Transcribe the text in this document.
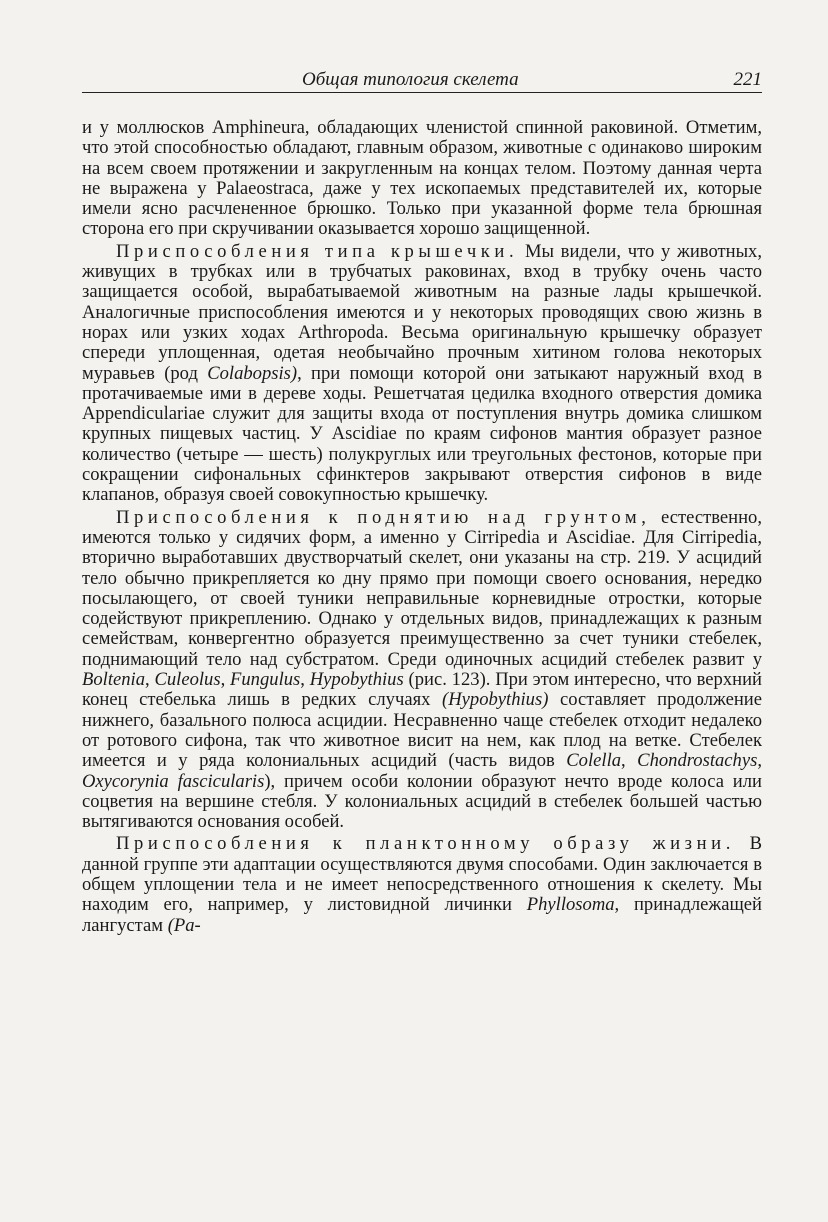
Общая типология скелета	221

и у моллюсков Amphineura, обладающих членистой спинной раковиной. Отметим, что этой способностью обладают, главным образом, животные с одинаково широким на всем своем протяжении и закругленным на концах телом. Поэтому данная черта не выражена у Palaeostraca, даже у тех ископаемых представителей их, которые имели ясно расчлененное брюшко. Только при указанной форме тела брюшная сторона его при скручивании оказывается хорошо защищенной.

Приспособления типа крышечки. Мы видели, что у животных, живущих в трубках или в трубчатых раковинах, вход в трубку очень часто защищается особой, вырабатываемой животным на разные лады крышечкой. Аналогичные приспособления имеются и у некоторых проводящих свою жизнь в норах или узких ходах Arthropoda. Весьма оригинальную крышечку образует спереди уплощенная, одетая необычайно прочным хитином голова некоторых муравьев (род Colabopsis), при помощи которой они затыкают наружный вход в протачиваемые ими в дереве ходы. Решетчатая цедилка входного отверстия домика Appendiculariae служит для защиты входа от поступления внутрь домика слишком крупных пищевых частиц. У Ascidiae по краям сифонов мантия образует разное количество (четыре — шесть) полукруглых или треугольных фестонов, которые при сокращении сифональных сфинктеров закрывают отверстия сифонов в виде клапанов, образуя своей совокупностью крышечку.

Приспособления к поднятию над грунтом, естественно, имеются только у сидячих форм, а именно у Cirripedia и Ascidiae. Для Cirripedia, вторично выработавших двустворчатый скелет, они указаны на стр. 219. У асцидий тело обычно прикрепляется ко дну прямо при помощи своего основания, нередко посылающего, от своей туники неправильные корневидные отростки, которые содействуют прикреплению. Однако у отдельных видов, принадлежащих к разным семействам, конвергентно образуется преимущественно за счет туники стебелек, поднимающий тело над субстратом. Среди одиночных асцидий стебелек развит у Boltenia, Culeolus, Fungulus, Hypobythius (рис. 123). При этом интересно, что верхний конец стебелька лишь в редких случаях (Hypobythius) составляет продолжение нижнего, базального полюса асцидии. Несравненно чаще стебелек отходит недалеко от ротового сифона, так что животное висит на нем, как плод на ветке. Стебелек имеется и у ряда колониальных асцидий (часть видов Colella, Chondrostachys, Oxycorynia fascicularis), причем особи колонии образуют нечто вроде колоса или соцветия на вершине стебля. У колониальных асцидий в стебелек большей частью вытягиваются основания особей.

Приспособления к планктонному образу жизни. В данной группе эти адаптации осуществляются двумя способами. Один заключается в общем уплощении тела и не имеет непосредственного отношения к скелету. Мы находим его, например, у листовидной личинки Phyllosoma, принадлежащей лангустам (Pa-
